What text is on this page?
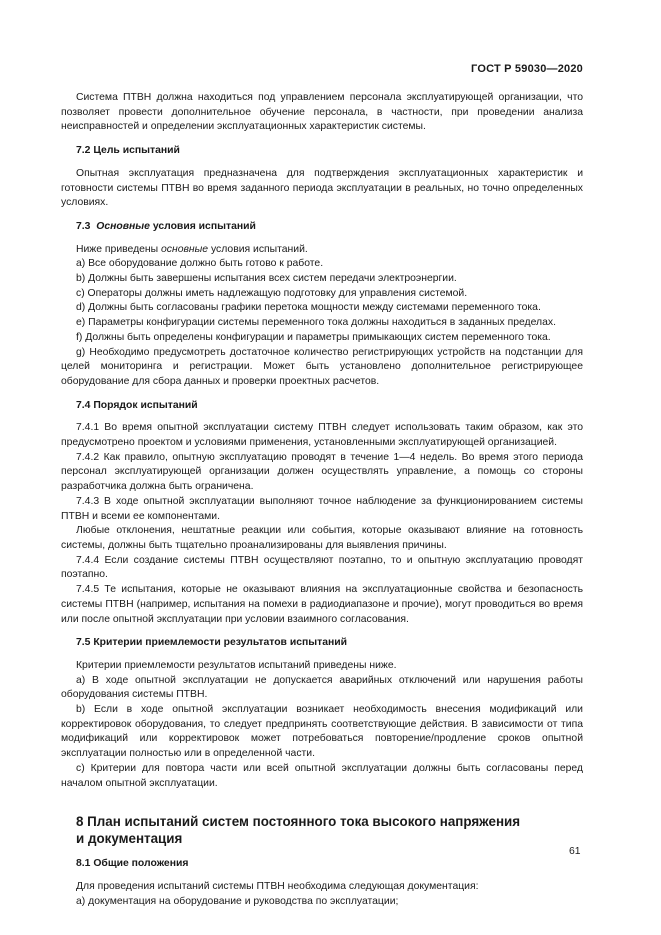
ГОСТ Р 59030—2020

Система ПТВН должна находиться под управлением персонала эксплуатирующей организации, что позволяет провести дополнительное обучение персонала, в частности, при проведении анализа неисправностей и определении эксплуатационных характеристик системы.

7.2 Цель испытаний

Опытная эксплуатация предназначена для подтверждения эксплуатационных характеристик и готовности системы ПТВН во время заданного периода эксплуатации в реальных, но точно определенных условиях.

7.3 Основные условия испытаний

Ниже приведены основные условия испытаний.

a) Все оборудование должно быть готово к работе.

b) Должны быть завершены испытания всех систем передачи электроэнергии.

c) Операторы должны иметь надлежащую подготовку для управления системой.

d) Должны быть согласованы графики перетока мощности между системами переменного тока.

e) Параметры конфигурации системы переменного тока должны находиться в заданных пределах.

f) Должны быть определены конфигурации и параметры примыкающих систем переменного тока.

g) Необходимо предусмотреть достаточное количество регистрирующих устройств на подстанции для целей мониторинга и регистрации. Может быть установлено дополнительное регистрирующее оборудование для сбора данных и проверки проектных расчетов.

7.4 Порядок испытаний

7.4.1 Во время опытной эксплуатации систему ПТВН следует использовать таким образом, как это предусмотрено проектом и условиями применения, установленными эксплуатирующей организацией.

7.4.2 Как правило, опытную эксплуатацию проводят в течение 1—4 недель. Во время этого периода персонал эксплуатирующей организации должен осуществлять управление, а помощь со стороны разработчика должна быть ограничена.

7.4.3 В ходе опытной эксплуатации выполняют точное наблюдение за функционированием системы ПТВН и всеми ее компонентами.

Любые отклонения, нештатные реакции или события, которые оказывают влияние на готовность системы, должны быть тщательно проанализированы для выявления причины.

7.4.4 Если создание системы ПТВН осуществляют поэтапно, то и опытную эксплуатацию проводят поэтапно.

7.4.5 Те испытания, которые не оказывают влияния на эксплуатационные свойства и безопасность системы ПТВН (например, испытания на помехи в радиодиапазоне и прочие), могут проводиться во время или после опытной эксплуатации при условии взаимного согласования.

7.5 Критерии приемлемости результатов испытаний

Критерии приемлемости результатов испытаний приведены ниже.

a) В ходе опытной эксплуатации не допускается аварийных отключений или нарушения работы оборудования системы ПТВН.

b) Если в ходе опытной эксплуатации возникает необходимость внесения модификаций или корректировок оборудования, то следует предпринять соответствующие действия. В зависимости от типа модификаций или корректировок может потребоваться повторение/продление сроков опытной эксплуатации полностью или в определенной части.

c) Критерии для повтора части или всей опытной эксплуатации должны быть согласованы перед началом опытной эксплуатации.

8 План испытаний систем постоянного тока высокого напряжения
и документация
8.1 Общие положения

Для проведения испытаний системы ПТВН необходима следующая документация:

a) документация на оборудование и руководства по эксплуатации;

61
